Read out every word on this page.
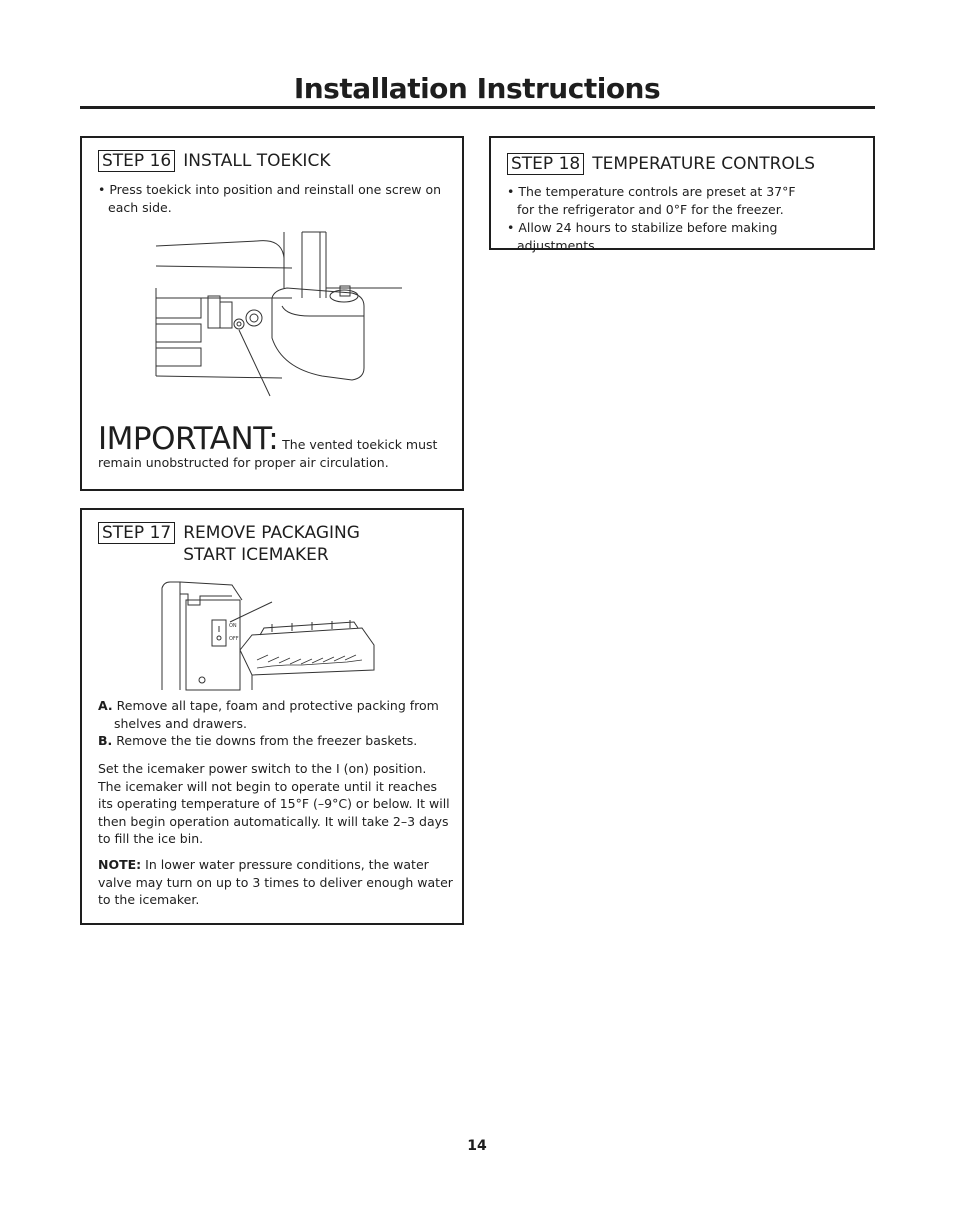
Installation Instructions
STEP 16 INSTALL TOEKICK
• Press toekick into position and reinstall one screw on each side.
IMPORTANT: The vented toekick must remain unobstructed for proper air circulation.
STEP 17 REMOVE PACKAGING
START ICEMAKER
ON
OFF

A. Remove all tape, foam and protective packing from shelves and drawers.

B. Remove the tie downs from the freezer baskets.

Set the icemaker power switch to the I (on) position. The icemaker will not begin to operate until it reaches its operating temperature of 15°F (–9°C) or below. It will then begin operation automatically. It will take 2–3 days to fill the ice bin.

NOTE: In lower water pressure conditions, the water valve may turn on up to 3 times to deliver enough water to the icemaker.

STEP 18 TEMPERATURE CONTROLS
• The temperature controls are preset at 37°F for the refrigerator and 0°F for the freezer.
• Allow 24 hours to stabilize before making adjustments.
14
